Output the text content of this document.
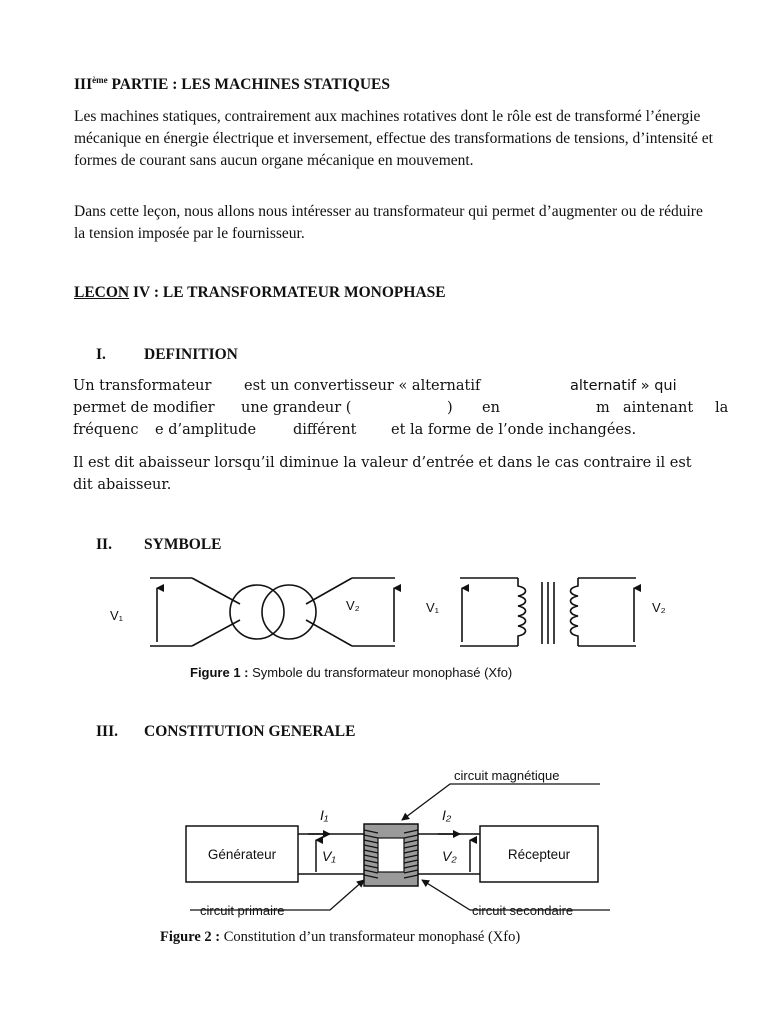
IIIème PARTIE : LES MACHINES STATIQUES
Les machines statiques, contrairement aux machines rotatives dont le rôle est de transformé l’énergie mécanique en énergie électrique et inversement, effectue des transformations de tensions, d’intensité et formes de courant sans aucun organe mécanique en mouvement.
Dans cette leçon, nous allons nous intéresser au transformateur qui permet d’augmenter ou de réduire la tension imposée par le fournisseur.
LECON IV : LE TRANSFORMATEUR MONOPHASE
I. DEFINITION
Un transformateur est un convertisseur « alternatif	alternatif » qui
permet de modifier une grandeur (	) en	m aintenant la
fréquenc e d’amplitude	différent et la forme de l’onde inchangées.
Il est dit abaisseur lorsqu’il diminue la valeur d’entrée et dans le cas contraire il est dit abaisseur.
II. SYMBOLE
V₁
V₂	V₁	V₂
Figure 1 : Symbole du transformateur monophasé (Xfo)
III. CONSTITUTION GENERALE
Générateur	Récepteur
circuit magnétique
circuit primaire	circuit secondaire
I₁	I₂
V₁	V₂
Figure 2 : Constitution d’un transformateur monophasé (Xfo)
